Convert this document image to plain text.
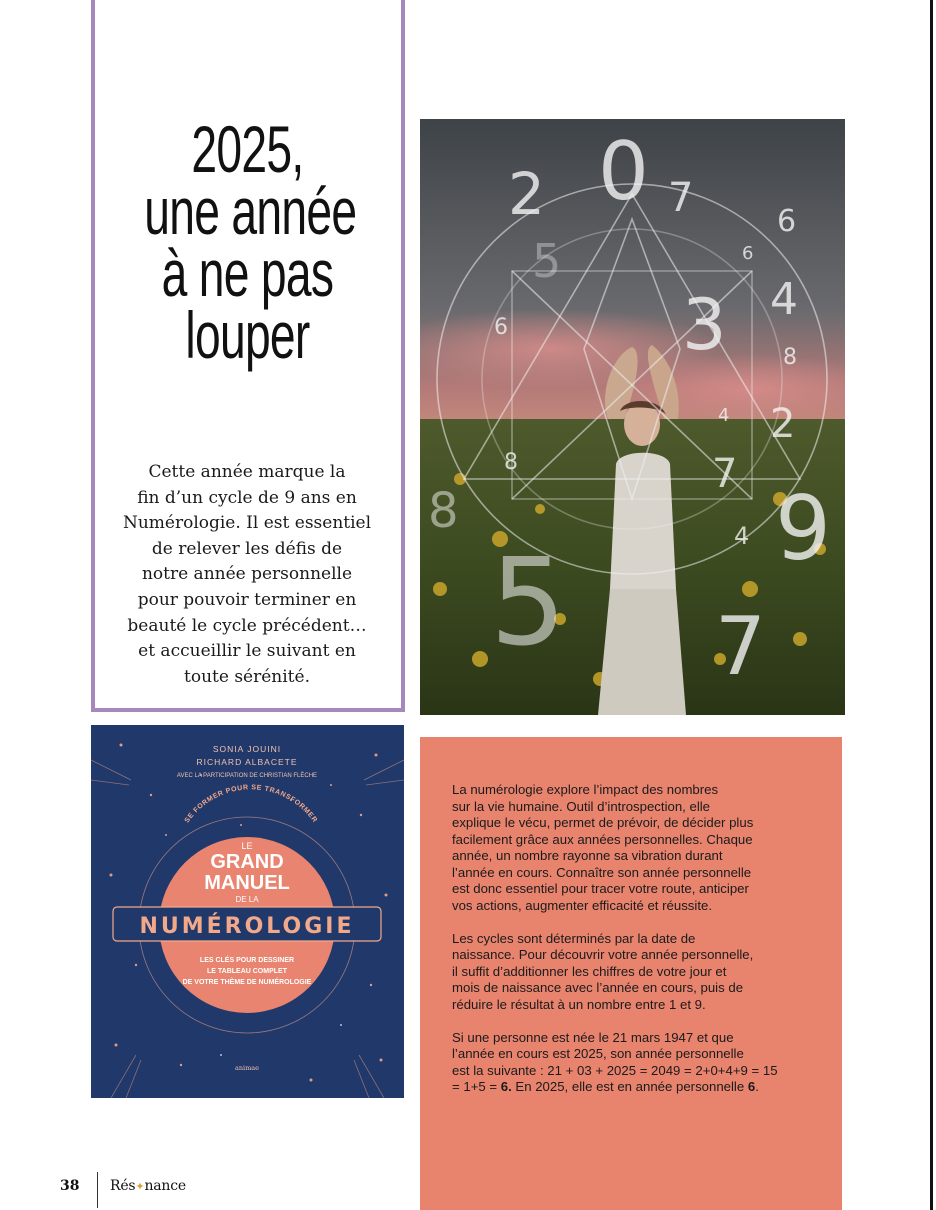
2025,
une année
à ne pas
louper
Cette année marque la
fin d’un cycle de 9 ans en
Numérologie. Il est essentiel
de relever les défis de
notre année personnelle
pour pouvoir terminer en
beauté le cycle précédent…
et accueillir le suivant en
toute sérénité.
2 0 7
5
6
6
4
3
6
8
4 2
8	7
8	4 9
5 7
SONIA JOUINI
RICHARD ALBACETE
AVEC LA PARTICIPATION DE CHRISTIAN FLÈCHE
SE FORMER POUR SE TRANSFORMER
LE
GRAND
MANUEL
DE LA
NUMÉROLOGIE
LES CLÉS POUR DESSINER
LE TABLEAU COMPLET
DE VOTRE THÈME DE NUMÉROLOGIE
animae
La numérologie explore l’impact des nombres
sur la vie humaine. Outil d’introspection, elle
explique le vécu, permet de prévoir, de décider plus
facilement grâce aux années personnelles. Chaque
année, un nombre rayonne sa vibration durant
l’année en cours. Connaître son année personnelle
est donc essentiel pour tracer votre route, anticiper
vos actions, augmenter efficacité et réussite.
Les cycles sont déterminés par la date de
naissance. Pour découvrir votre année personnelle,
il suffit d’additionner les chiffres de votre jour et
mois de naissance avec l’année en cours, puis de
réduire le résultat à un nombre entre 1 et 9.
Si une personne est née le 21 mars 1947 et que
l’année en cours est 2025, son année personnelle
est la suivante : 21 + 03 + 2025 = 2049 = 2+0+4+9 = 15
= 1+5 = 6. En 2025, elle est en année personnelle 6.
38 Rés✦nance
